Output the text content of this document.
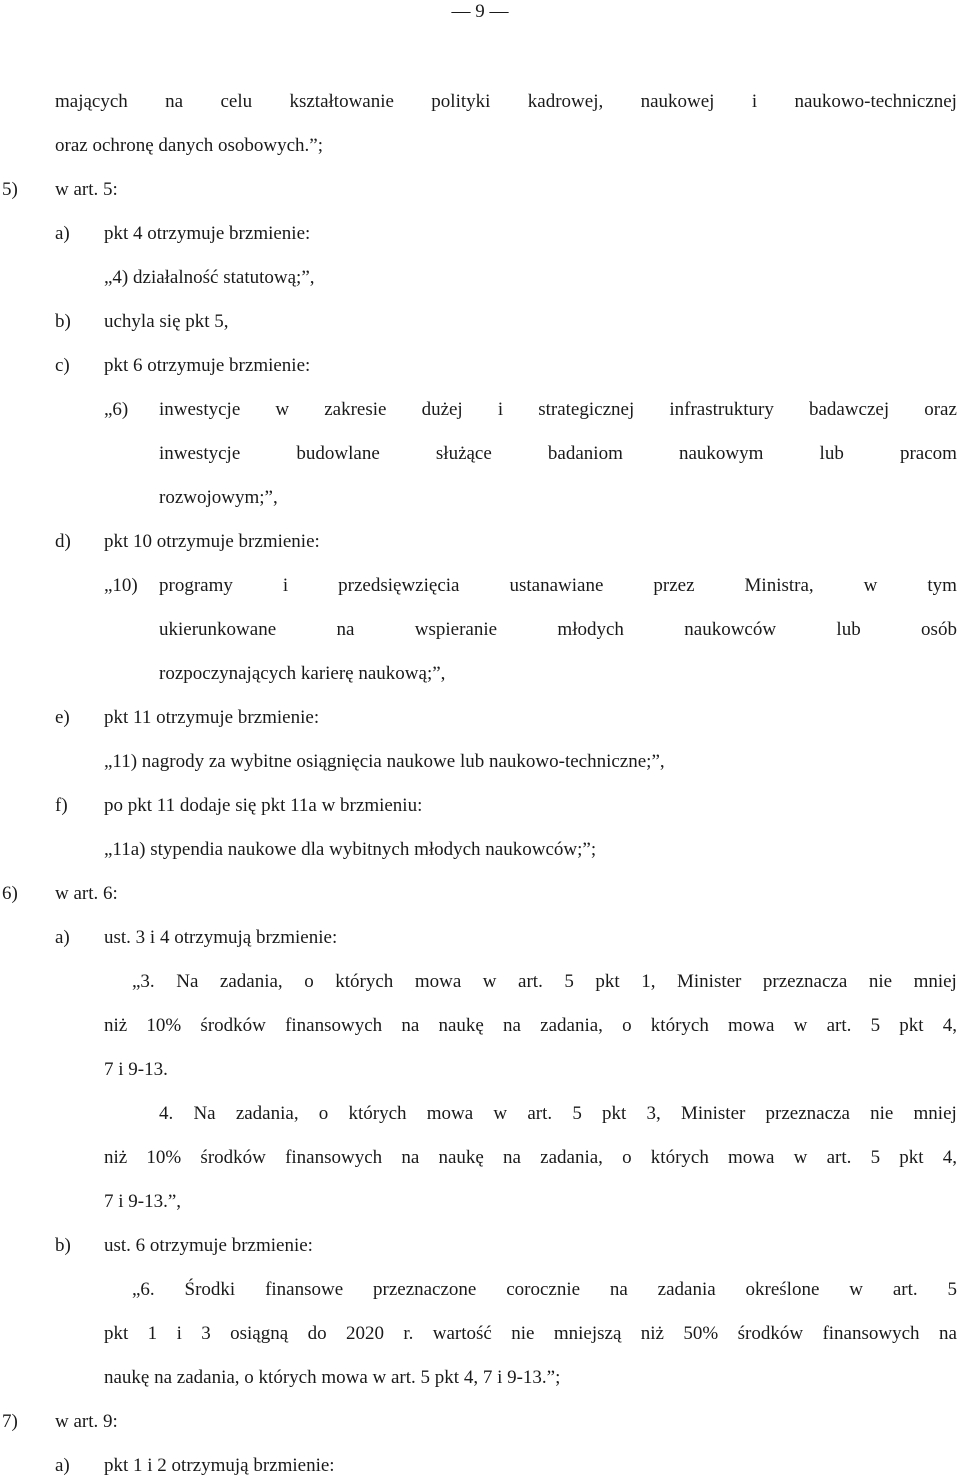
— 9 —
mających na celu kształtowanie polityki kadrowej, naukowej i naukowo-technicznej
oraz ochronę danych osobowych.”;
5) w art. 5:
a) pkt 4 otrzymuje brzmienie:
„4) działalność statutową;”,
b) uchyla się pkt 5,
c) pkt 6 otrzymuje brzmienie:
„6) inwestycje w zakresie dużej i strategicznej infrastruktury badawczej oraz
inwestycje	budowlane	służące	badaniom	naukowym	lub	pracom
rozwojowym;”,
d) pkt 10 otrzymuje brzmienie:
„10) programy	i	przedsięwzięcia	ustanawiane	przez	Ministra,	w	tym
ukierunkowane	na	wspieranie	młodych	naukowców	lub	osób
rozpoczynających karierę naukową;”,
e) pkt 11 otrzymuje brzmienie:
„11) nagrody za wybitne osiągnięcia naukowe lub naukowo-techniczne;”,
f) po pkt 11 dodaje się pkt 11a w brzmieniu:
„11a) stypendia naukowe dla wybitnych młodych naukowców;”;
6) w art. 6:
a) ust. 3 i 4 otrzymują brzmienie:
„3. Na zadania, o których mowa w art. 5 pkt 1, Minister przeznacza nie mniej
niż 10% środków finansowych na naukę na zadania, o których mowa w art. 5 pkt 4,
7 i 9-13.
4. Na zadania, o których mowa w art. 5 pkt 3, Minister przeznacza nie mniej
niż 10% środków finansowych na naukę na zadania, o których mowa w art. 5 pkt 4,
7 i 9-13.”,
b) ust. 6 otrzymuje brzmienie:
„6. Środki finansowe przeznaczone corocznie na zadania określone w art. 5
pkt 1 i 3 osiągną do 2020 r. wartość nie mniejszą niż 50% środków finansowych na
naukę na zadania, o których mowa w art. 5 pkt 4, 7 i 9-13.”;
7) w art. 9:
a) pkt 1 i 2 otrzymują brzmienie:
